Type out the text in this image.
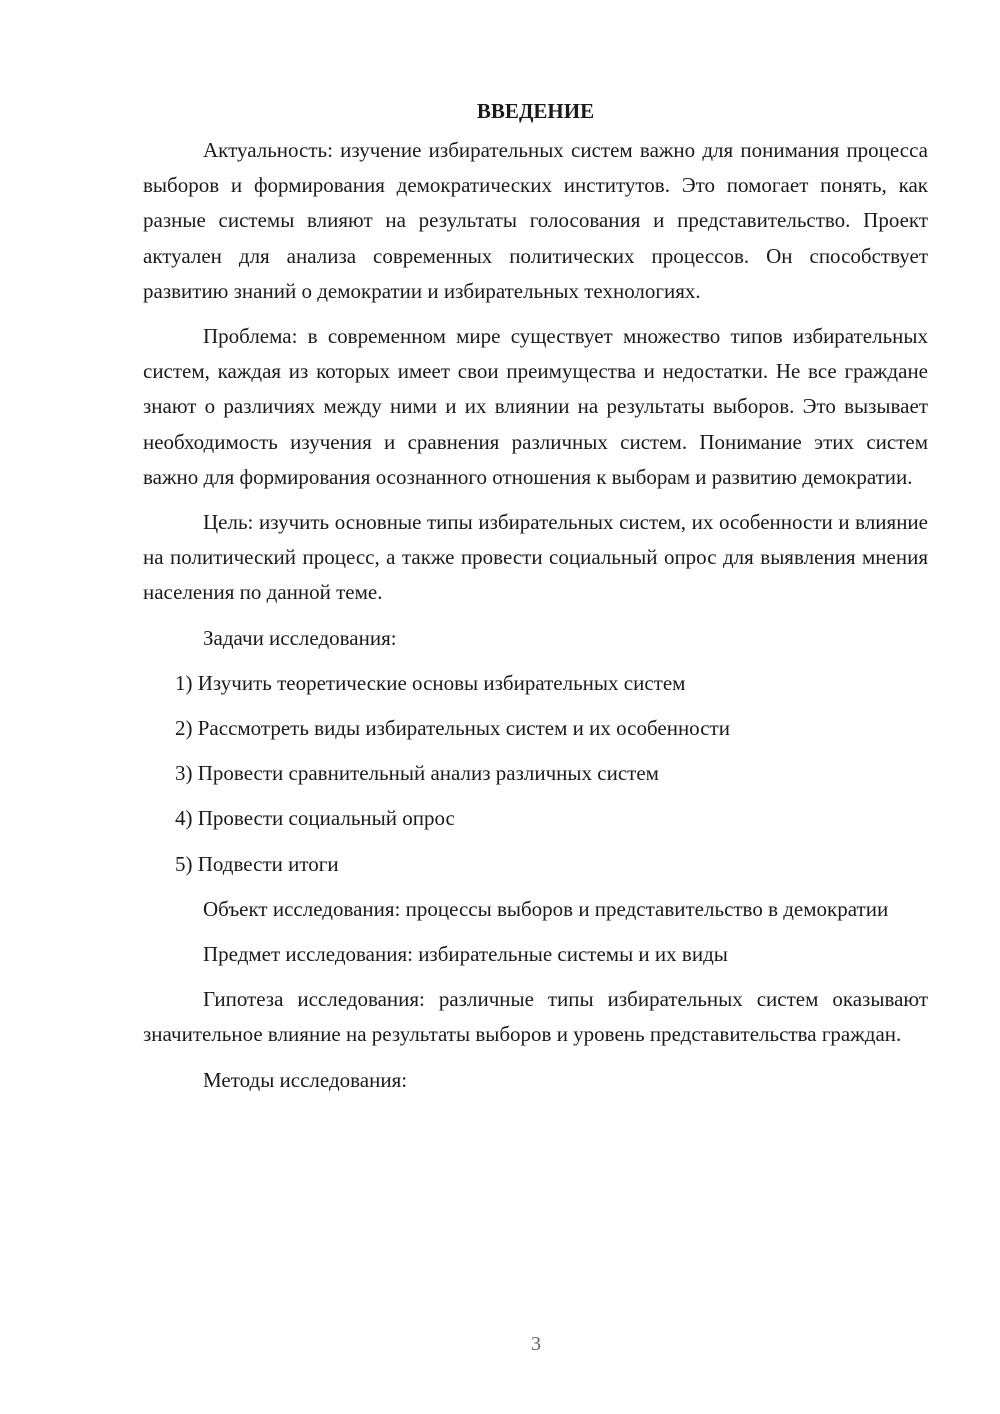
ВВЕДЕНИЕ

Актуальность: изучение избирательных систем важно для понимания процесса выборов и формирования демократических институтов. Это помогает понять, как разные системы влияют на результаты голосования и представительство. Проект актуален для анализа современных политических процессов. Он способствует развитию знаний о демократии и избирательных технологиях.

Проблема: в современном мире существует множество типов избирательных систем, каждая из которых имеет свои преимущества и недостатки. Не все граждане знают о различиях между ними и их влиянии на результаты выборов. Это вызывает необходимость изучения и сравнения различных систем. Понимание этих систем важно для формирования осознанного отношения к выборам и развитию демократии.

Цель: изучить основные типы избирательных систем, их особенности и влияние на политический процесс, а также провести социальный опрос для выявления мнения населения по данной теме.

Задачи исследования:

1) Изучить теоретические основы избирательных систем

2) Рассмотреть виды избирательных систем и их особенности

3) Провести сравнительный анализ различных систем

4) Провести социальный опрос

5) Подвести итоги

Объект исследования: процессы выборов и представительство в демократии

Предмет исследования: избирательные системы и их виды

Гипотеза исследования: различные типы избирательных систем оказывают значительное влияние на результаты выборов и уровень представительства граждан.

Методы исследования:

3
